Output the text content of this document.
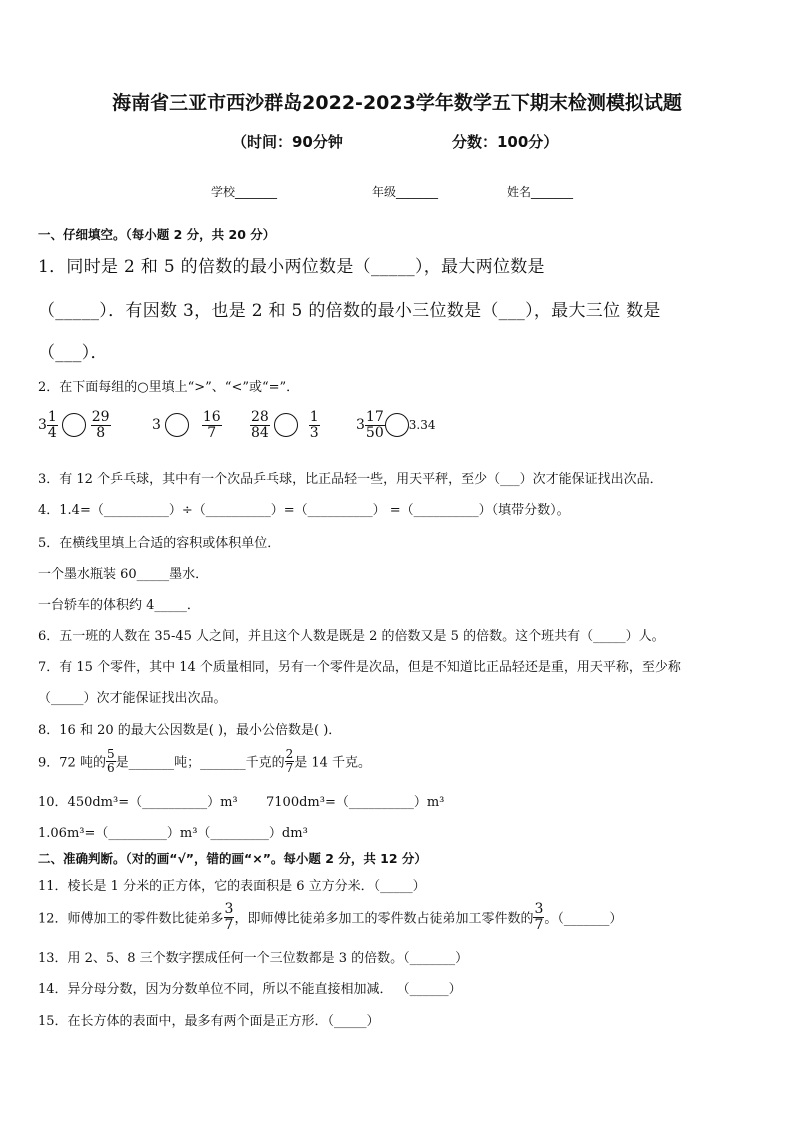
海南省三亚市西沙群岛2022-2023学年数学五下期末检测模拟试题
（时间：90分钟	分数：100分）
学校_______	年级_______	姓名_______
一、仔细填空。（每小题 2 分，共 20 分）
1．同时是 2 和 5 的倍数的最小两位数是（_____），最大两位数是
（_____）．有因数 3，也是 2 和 5 的倍数的最小三位数是（___），最大三位 数是
（___）．
2．在下面每组的○里填上“>”、“<”或“=”．
$3 \frac{1}{4}$
$\frac{29}{8}$	3	$\frac{16}{7} \frac{28}{84}$
	$\frac{1}{3}$	$3 \frac{17}{50} 3.34$
3．有 12 个乒乓球，其中有一个次品乒乓球，比正品轻一些，用天平秤，至少（___）次才能保证找出次品．
4．1.4=（__________）÷（__________）=（__________） =（__________）（填带分数）。
5．在横线里填上合适的容积或体积单位．
一个墨水瓶装 60_____墨水．
一台轿车的体积约 4_____．
6．五一班的人数在 35-45 人之间，并且这个人数是既是 2 的倍数又是 5 的倍数。这个班共有（_____）人。
7．有 15 个零件，其中 14 个质量相同，另有一个零件是次品，但是不知道比正品轻还是重，用天平称，至少称
（_____）次才能保证找出次品。
8．16 和 20 的最大公因数是( )，最小公倍数是( )．
9．72 吨的 $\frac{5}{6}$ 是_______吨；_______千克的 $\frac{2}{7}$ 是 14 千克。
10．450dm³=（__________）m³ 7100dm³=（__________）m³
1.06m³=（_________）m³（_________）dm³
二、准确判断。（对的画“√”，错的画“×”。每小题 2 分，共 12 分）
11．棱长是 1 分米的正方体，它的表面积是 6 立方分米．（_____）
12．师傅加工的零件数比徒弟多 $\frac{3}{7}$ ，即师傅比徒弟多加工的零件数占徒弟加工零件数的 $\frac{3}{7}$ 。（_______）
13．用 2、5、8 三个数字摆成任何一个三位数都是 3 的倍数。（_______）
14．异分母分数，因为分数单位不同，所以不能直接相加减． （______）
15．在长方体的表面中，最多有两个面是正方形．（_____）
